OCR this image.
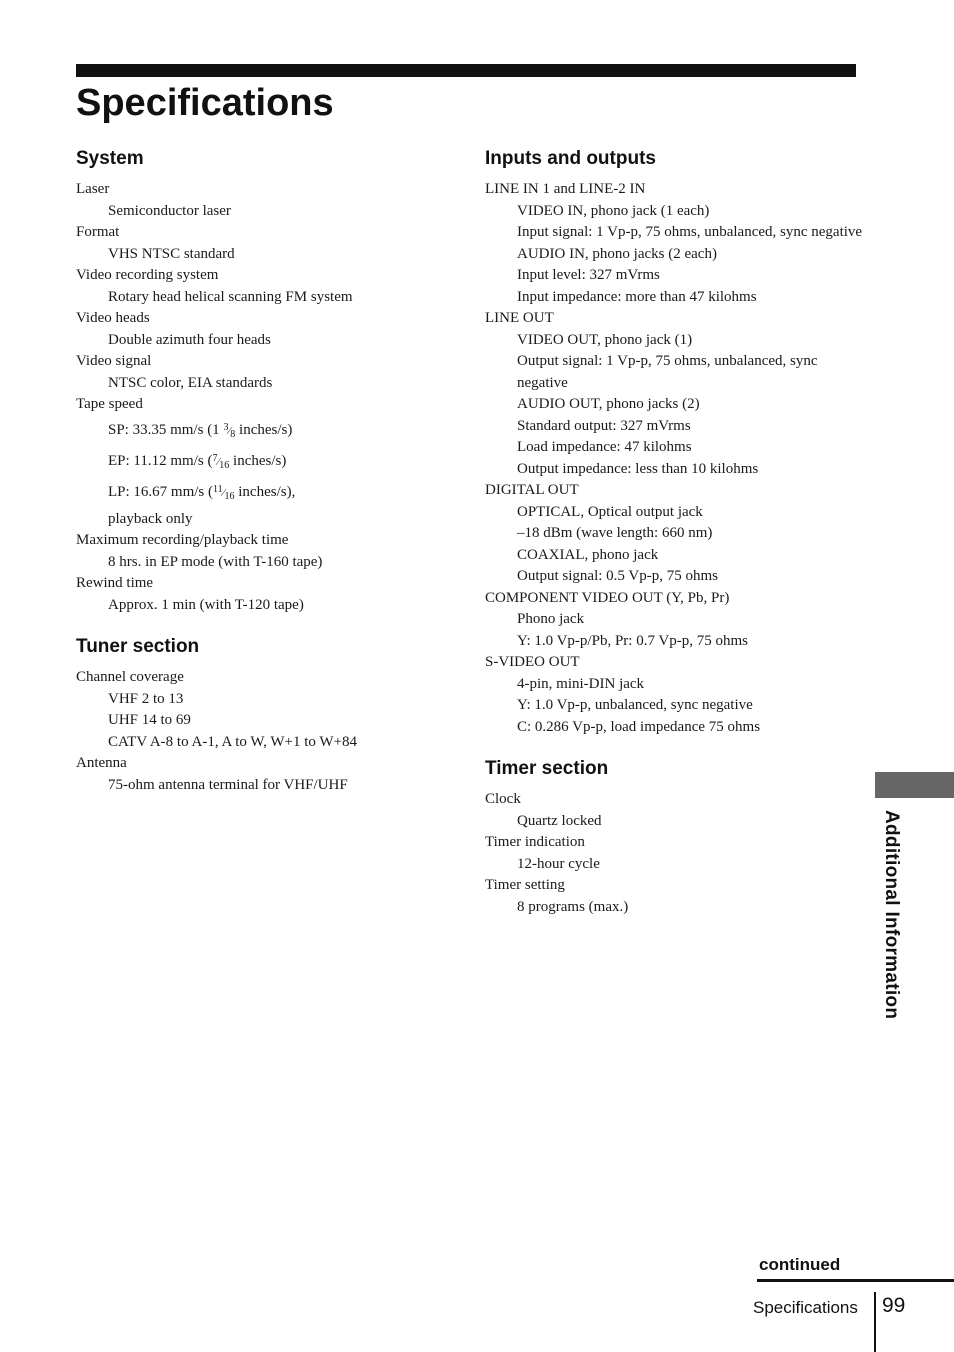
Specifications
System

Laser

Semiconductor laser

Format

VHS NTSC standard

Video recording system

Rotary head helical scanning FM system

Video heads

Double azimuth four heads

Video signal

NTSC color, EIA standards

Tape speed

SP: 33.35 mm/s (1 $^3⁄_8$ inches/s)

EP: 11.12 mm/s ($^7⁄_{16}$ inches/s)

LP: 16.67 mm/s ($^{11}⁄_{16}$ inches/s),

playback only

Maximum recording/playback time

8 hrs. in EP mode (with T-160 tape)

Rewind time

Approx. 1 min (with T-120 tape)

Tuner section

Channel coverage

VHF 2 to 13

UHF 14 to 69

CATV A-8 to A-1, A to W, W+1 to W+84

Antenna

75-ohm antenna terminal for VHF/UHF

Inputs and outputs

LINE IN 1 and LINE-2 IN

VIDEO IN, phono jack (1 each)

Input signal: 1 Vp-p, 75 ohms, unbalanced, sync negative

AUDIO IN, phono jacks (2 each)

Input level: 327 mVrms

Input impedance: more than 47 kilohms

LINE OUT

VIDEO OUT, phono jack (1)

Output signal: 1 Vp-p, 75 ohms, unbalanced, sync negative

AUDIO OUT, phono jacks (2)

Standard output: 327 mVrms

Load impedance: 47 kilohms

Output impedance: less than 10 kilohms

DIGITAL OUT

OPTICAL, Optical output jack

–18 dBm (wave length: 660 nm)

COAXIAL, phono jack

Output signal: 0.5 Vp-p, 75 ohms

COMPONENT VIDEO OUT (Y, Pb, Pr)

Phono jack

Y: 1.0 Vp-p/Pb, Pr: 0.7 Vp-p, 75 ohms

S-VIDEO OUT

4-pin, mini-DIN jack

Y: 1.0 Vp-p, unbalanced, sync negative

C: 0.286 Vp-p, load impedance 75 ohms

Timer section

Clock

Quartz locked

Timer indication

12-hour cycle

Timer setting

8 programs (max.)	Additional Information
continued
Specifications 99
